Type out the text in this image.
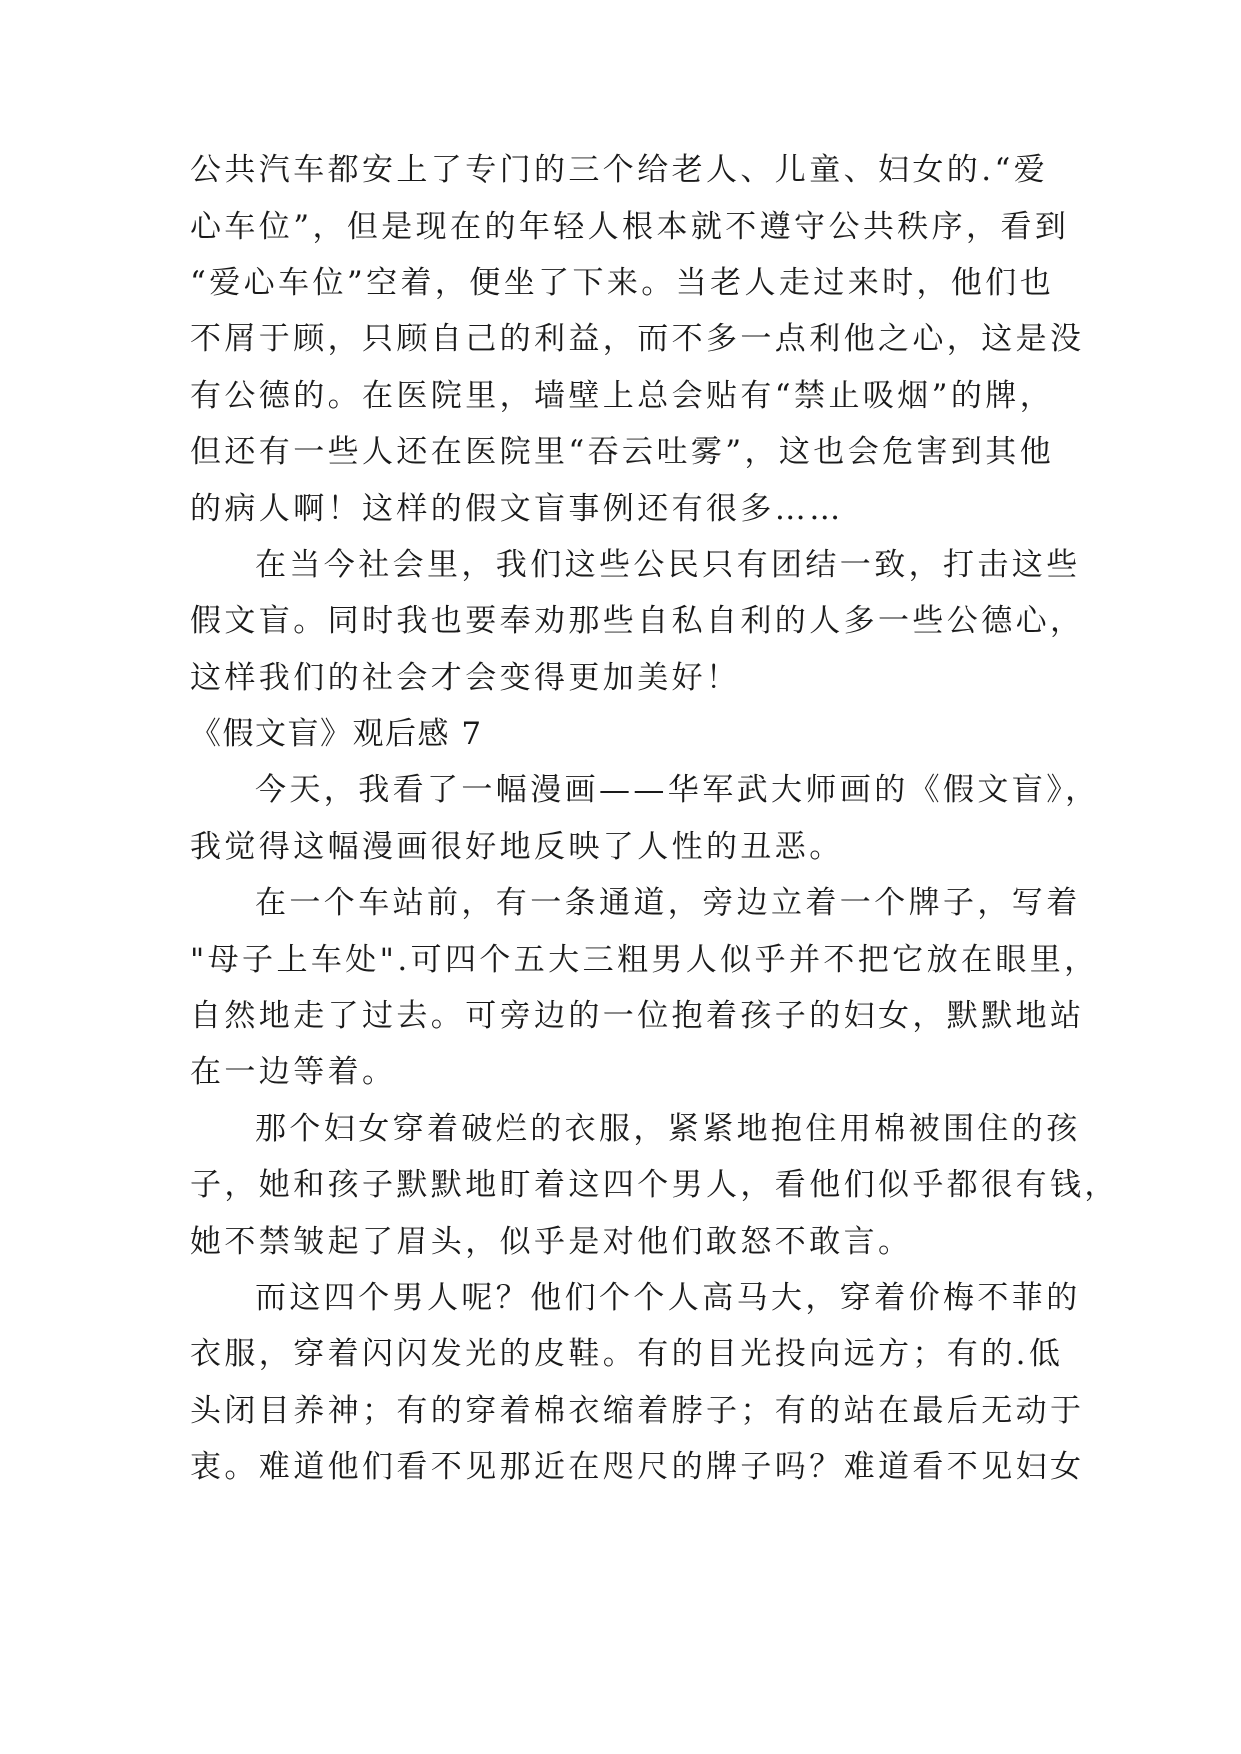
公共汽车都安上了专门的三个给老人、儿童、妇女的.“爱
心车位”，但是现在的年轻人根本就不遵守公共秩序，看到
“爱心车位”空着，便坐了下来。当老人走过来时，他们也
不屑于顾，只顾自己的利益，而不多一点利他之心，这是没
有公德的。在医院里，墙壁上总会贴有“禁止吸烟”的牌，
但还有一些人还在医院里“吞云吐雾”，这也会危害到其他
的病人啊！这样的假文盲事例还有很多……
在当今社会里，我们这些公民只有团结一致，打击这些
假文盲。同时我也要奉劝那些自私自利的人多一些公德心，
这样我们的社会才会变得更加美好！
《假文盲》观后感 7
今天，我看了一幅漫画——华军武大师画的《假文盲》，
我觉得这幅漫画很好地反映了人性的丑恶。
在一个车站前，有一条通道，旁边立着一个牌子，写着
"母子上车处".可四个五大三粗男人似乎并不把它放在眼里，
自然地走了过去。可旁边的一位抱着孩子的妇女，默默地站
在一边等着。
那个妇女穿着破烂的衣服，紧紧地抱住用棉被围住的孩
子，她和孩子默默地盯着这四个男人，看他们似乎都很有钱，
她不禁皱起了眉头，似乎是对他们敢怒不敢言。
而这四个男人呢？他们个个人高马大，穿着价梅不菲的
衣服，穿着闪闪发光的皮鞋。有的目光投向远方；有的.低
头闭目养神；有的穿着棉衣缩着脖子；有的站在最后无动于
衷。难道他们看不见那近在咫尺的牌子吗？难道看不见妇女
